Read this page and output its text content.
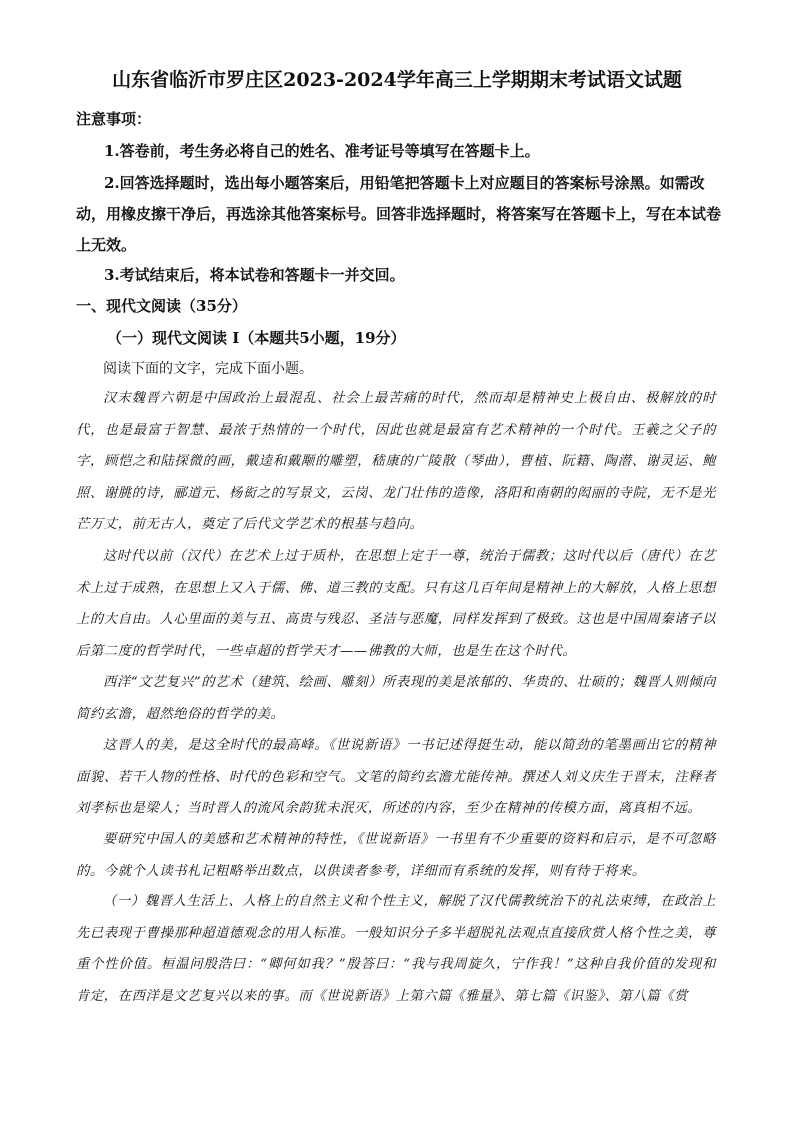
山东省临沂市罗庄区2023-2024学年高三上学期期末考试语文试题
注意事项：
1.答卷前，考生务必将自己的姓名、准考证号等填写在答题卡上。
2.回答选择题时，选出每小题答案后，用铅笔把答题卡上对应题目的答案标号涂黑。如需改动，用橡皮擦干净后，再选涂其他答案标号。回答非选择题时，将答案写在答题卡上，写在本试卷上无效。
3.考试结束后，将本试卷和答题卡一并交回。
一、现代文阅读（35分）
（一）现代文阅读 I（本题共5小题，19分）
阅读下面的文字，完成下面小题。
汉末魏晋六朝是中国政治上最混乱、社会上最苦痛的时代，然而却是精神史上极自由、极解放的时代，也是最富于智慧、最浓于热情的一个时代，因此也就是最富有艺术精神的一个时代。王羲之父子的字，顾恺之和陆探微的画，戴逵和戴颙的雕塑，嵇康的广陵散（琴曲），曹植、阮籍、陶潜、谢灵运、鲍照、谢朓的诗，郦道元、杨衒之的写景文，云岗、龙门壮伟的造像，洛阳和南朝的闳丽的寺院，无不是光芒万丈，前无古人，奠定了后代文学艺术的根基与趋向。
这时代以前（汉代）在艺术上过于质朴，在思想上定于一尊，统治于儒教；这时代以后（唐代）在艺术上过于成熟，在思想上又入于儒、佛、道三教的支配。只有这几百年间是精神上的大解放，人格上思想上的大自由。人心里面的美与丑、高贵与残忍、圣洁与恶魔，同样发挥到了极致。这也是中国周秦诸子以后第二度的哲学时代，一些卓超的哲学天才——佛教的大师，也是生在这个时代。
西洋“文艺复兴”的艺术（建筑、绘画、雕刻）所表现的美是浓郁的、华贵的、壮硕的；魏晋人则倾向简约玄澹，超然绝俗的哲学的美。
这晋人的美，是这全时代的最高峰。《世说新语》一书记述得挺生动，能以简劲的笔墨画出它的精神面貌、若干人物的性格、时代的色彩和空气。文笔的简约玄澹尤能传神。撰述人刘义庆生于晋末，注释者刘孝标也是梁人；当时晋人的流风余韵犹未泯灭，所述的内容，至少在精神的传模方面，离真相不远。
要研究中国人的美感和艺术精神的特性，《世说新语》一书里有不少重要的资料和启示，是不可忽略的。今就个人读书札记粗略举出数点，以供读者参考，详细而有系统的发挥，则有待于将来。
（一）魏晋人生活上、人格上的自然主义和个性主义，解脱了汉代儒教统治下的礼法束缚，在政治上先已表现于曹操那种超道德观念的用人标准。一般知识分子多半超脱礼法观点直接欣赏人格个性之美，尊重个性价值。桓温问殷浩曰：“卿何如我？”殷答曰：“我与我周旋久，宁作我！”这种自我价值的发现和肯定，在西洋是文艺复兴以来的事。而《世说新语》上第六篇《雅量》、第七篇《识鉴》、第八篇《赏
